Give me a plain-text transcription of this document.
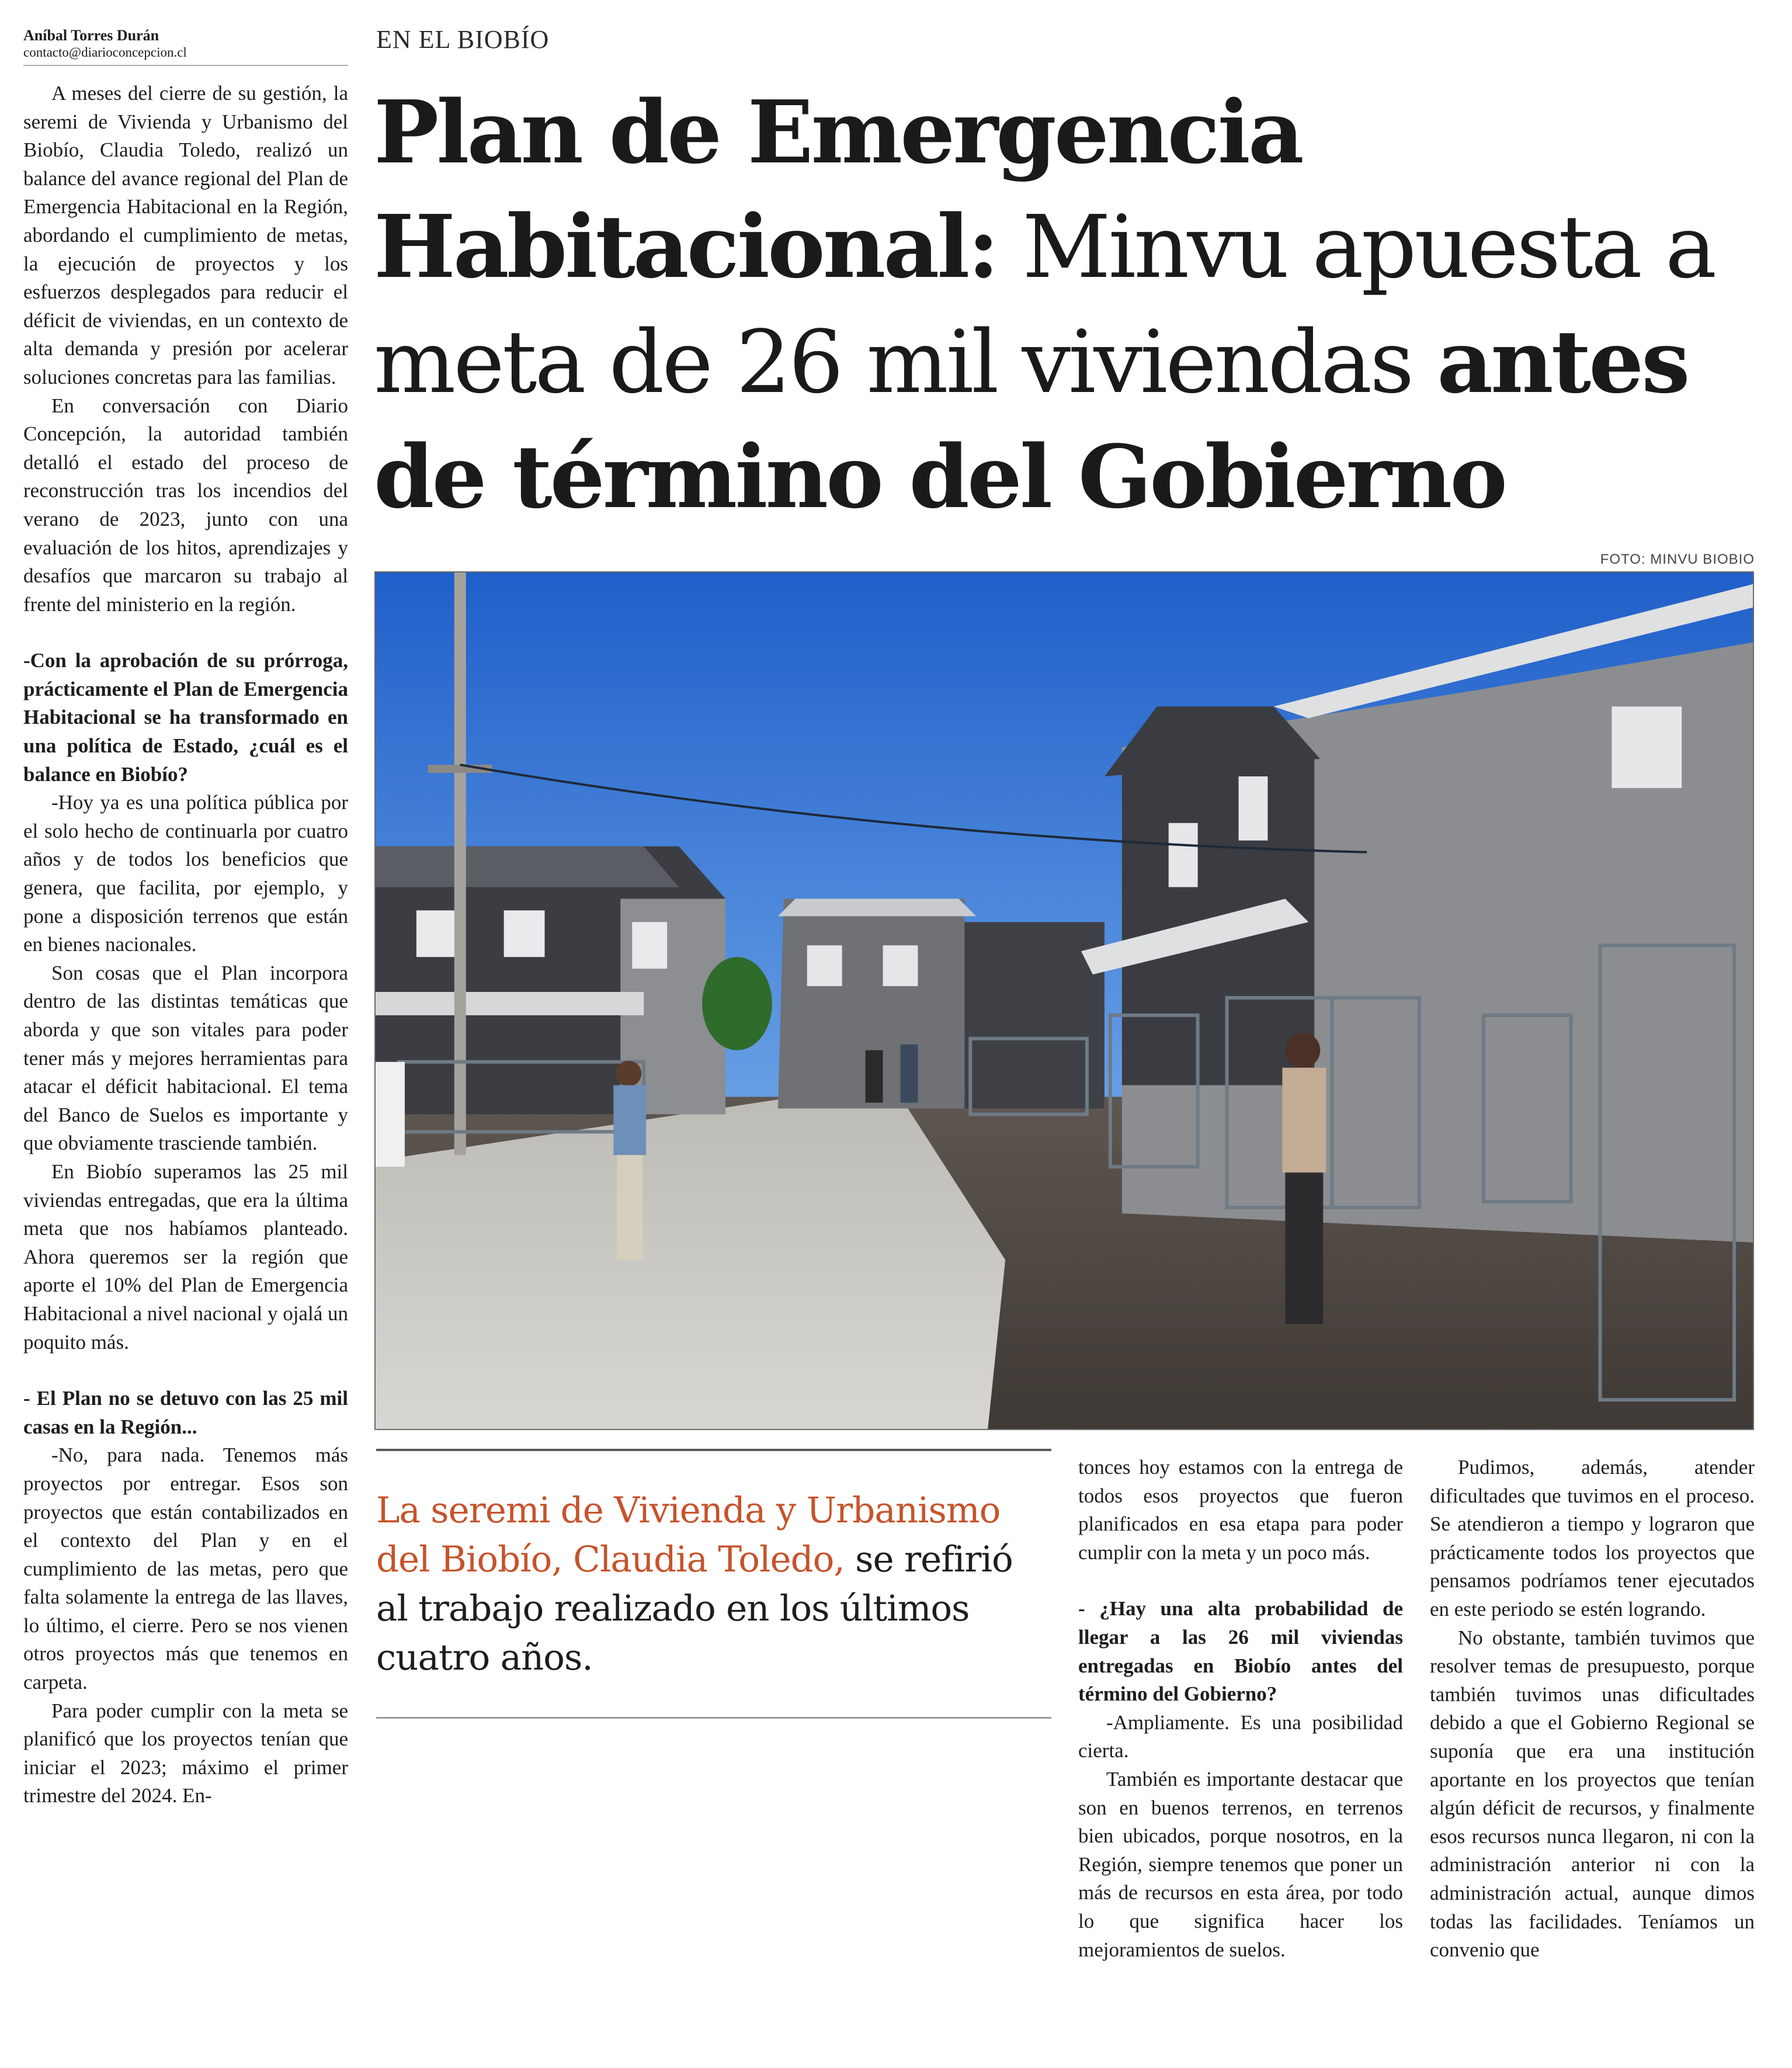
Aníbal Torres Durán
contacto@diarioconcepcion.cl	EN EL BIOBÍO
Plan de Emergencia Habitacional: Minvu apuesta a meta de 26 mil viviendas antes de término del Gobierno
FOTO: MINVU BIOBIO

A meses del cierre de su gestión, la seremi de Vivienda y Urbanismo del Biobío, Claudia Toledo, realizó un balance del avance regional del Plan de Emergencia Habitacional en la Región, abordando el cumplimiento de metas, la ejecución de proyectos y los esfuerzos desplegados para reducir el déficit de viviendas, en un contexto de alta demanda y presión por acelerar soluciones concretas para las familias.

En conversación con Diario Concepción, la autoridad también detalló el estado del proceso de reconstrucción tras los incendios del verano de 2023, junto con una evaluación de los hitos, aprendizajes y desafíos que marcaron su trabajo al frente del ministerio en la región.

-Con la aprobación de su prórroga, prácticamente el Plan de Emergencia Habitacional se ha transformado en una política de Estado, ¿cuál es el balance en Biobío?

-Hoy ya es una política pública por el solo hecho de continuarla por cuatro años y de todos los beneficios que genera, que facilita, por ejemplo, y pone a disposición terrenos que están en bienes nacionales.

Son cosas que el Plan incorpora dentro de las distintas temáticas que aborda y que son vitales para poder tener más y mejores herramientas para atacar el déficit habitacional. El tema del Banco de Suelos es importante y que obviamente trasciende también.

En Biobío superamos las 25 mil viviendas entregadas, que era la última meta que nos habíamos planteado. Ahora queremos ser la región que aporte el 10% del Plan de Emergencia Habitacional a nivel nacional y ojalá un poquito más.

- El Plan no se detuvo con las 25 mil casas en la Región...

-No, para nada. Tenemos más proyectos por entregar. Esos son proyectos que están contabilizados en el contexto del Plan y en el cumplimiento de las metas, pero que falta solamente la entrega de las llaves, lo último, el cierre. Pero se nos vienen otros proyectos más que tenemos en carpeta.

Para poder cumplir con la meta se planificó que los proyectos tenían que iniciar el 2023; máximo el primer trimestre del 2024. En-

La seremi de Vivienda y Urbanismo del Biobío, Claudia Toledo, se refirió al trabajo realizado en los últimos cuatro años.

tonces hoy estamos con la entrega de todos esos proyectos que fueron planificados en esa etapa para poder cumplir con la meta y un poco más.

- ¿Hay una alta probabilidad de llegar a las 26 mil viviendas entregadas en Biobío antes del término del Gobierno?

-Ampliamente. Es una posibilidad cierta.

También es importante destacar que son en buenos terrenos, en terrenos bien ubicados, porque nosotros, en la Región, siempre tenemos que poner un más de recursos en esta área, por todo lo que significa hacer los mejoramientos de suelos.

Pudimos, además, atender dificultades que tuvimos en el proceso. Se atendieron a tiempo y lograron que prácticamente todos los proyectos que pensamos podríamos tener ejecutados en este periodo se estén logrando.

No obstante, también tuvimos que resolver temas de presupuesto, porque también tuvimos unas dificultades debido a que el Gobierno Regional se suponía que era una institución aportante en los proyectos que tenían algún déficit de recursos, y finalmente esos recursos nunca llegaron, ni con la administración anterior ni con la administración actual, aunque dimos todas las facilidades. Teníamos un convenio que
